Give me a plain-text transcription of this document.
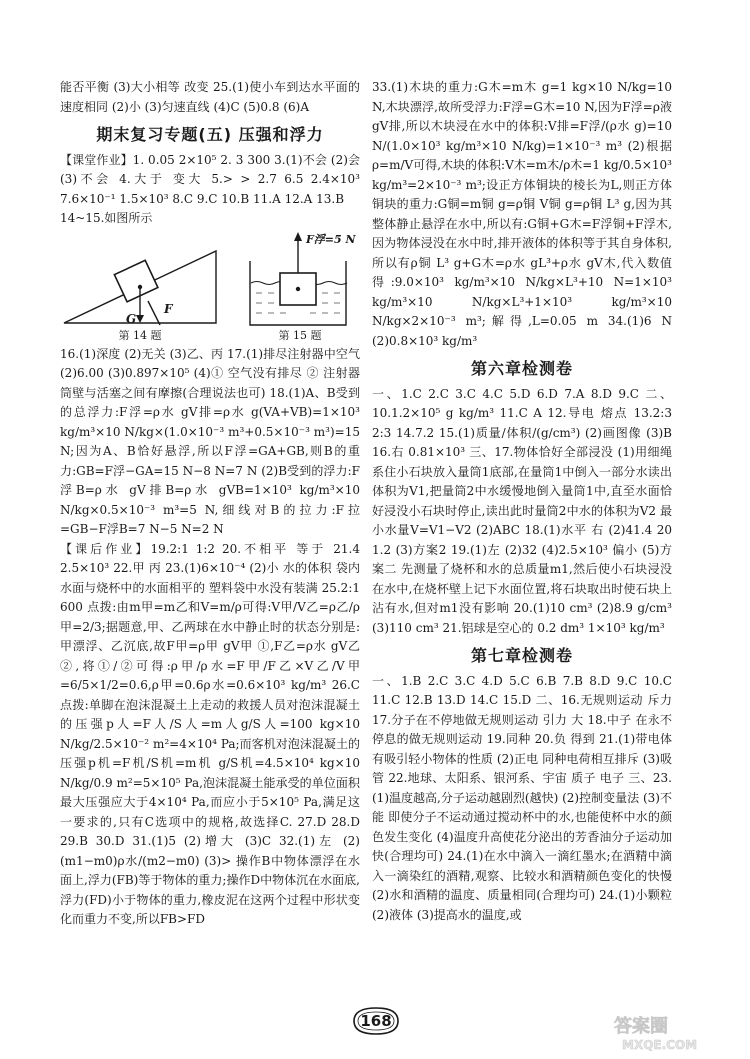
能否平衡 (3)大小相等 改变 25.(1)使小车到达水平面的速度相同 (2)小 (3)匀速直线 (4)C (5)0.8 (6)A

期末复习专题(五) 压强和浮力

【课堂作业】1. 0.05 2×10⁵ 2. 3 300 3.(1)不会 (2)会 (3)不会 4.大于 变大 5.> > 2.7 6.5 2.4×10³ 7.6×10⁻¹ 1.5×10³ 8.C 9.C 10.B 11.A 12.A 13.B

14~15.如图所示

G
F
第 14 题
F浮=5 N
第 15 题

16.(1)深度 (2)无关 (3)乙、丙 17.(1)排尽注射器中空气 (2)6.00 (3)0.897×10⁵ (4)① 空气没有排尽 ② 注射器筒壁与活塞之间有摩擦(合理说法也可) 18.(1)A、B受到的总浮力:F浮=ρ水 gV排=ρ水 g(VA+VB)=1×10³ kg/m³×10 N/kg×(1.0×10⁻³ m³+0.5×10⁻³ m³)=15 N;因为A、B恰好悬浮,所以F浮=GA+GB,则B的重力:GB=F浮−GA=15 N−8 N=7 N (2)B受到的浮力:F浮B=ρ水 gV排B=ρ水 gVB=1×10³ kg/m³×10 N/kg×0.5×10⁻³ m³=5 N,细线对B的拉力:F拉=GB−F浮B=7 N−5 N=2 N

【课后作业】19.2:1 1:2 20.不相平 等于 21.4 2.5×10³ 22.甲 丙 23.(1)6×10⁻⁴ (2)小 水的体积 袋内水面与烧杯中的水面相平的 塑料袋中水没有装满 25.2:1 600 点拨:由m甲=m乙和V=m/ρ可得:V甲/V乙=ρ乙/ρ甲=2/3;据题意,甲、乙两球在水中静止时的状态分别是:甲漂浮、乙沉底,故F甲=ρ甲 gV甲 ①,F乙=ρ水 gV乙 ②,将①/②可得:ρ甲/ρ水=F甲/F乙×V乙/V甲=6/5×1/2=0.6,ρ甲=0.6ρ水=0.6×10³ kg/m³ 26.C 点拨:单脚在泡沫混凝土上走动的救援人员对泡沫混凝土的压强p人=F人/S人=m人g/S人=100 kg×10 N/kg/2.5×10⁻² m²=4×10⁴ Pa;而客机对泡沫混凝土的压强p机=F机/S机=m机 g/S机=4.5×10⁴ kg×10 N/kg/0.9 m²=5×10⁵ Pa,泡沫混凝土能承受的单位面积最大压强应大于4×10⁴ Pa,而应小于5×10⁵ Pa,满足这一要求的,只有C选项中的规格,故选择C. 27.D 28.D 29.B 30.D 31.(1)5 (2)增大 (3)C 32.(1)左 (2)(m1−m0)ρ水/(m2−m0) (3)> 操作B中物体漂浮在水面上,浮力(FB)等于物体的重力;操作D中物体沉在水面底,浮力(FD)小于物体的重力,橡皮泥在这两个过程中形状变化而重力不变,所以FB>FD

33.(1)木块的重力:G木=m木 g=1 kg×10 N/kg=10 N,木块漂浮,故所受浮力:F浮=G木=10 N,因为F浮=ρ液gV排,所以木块浸在水中的体积:V排=F浮/(ρ水 g)=10 N/(1.0×10³ kg/m³×10 N/kg)=1×10⁻³ m³ (2)根据ρ=m/V可得,木块的体积:V木=m木/ρ木=1 kg/0.5×10³ kg/m³=2×10⁻³ m³;设正方体铜块的棱长为L,则正方体铜块的重力:G铜=m铜 g=ρ铜 V铜 g=ρ铜 L³ g,因为其整体静止悬浮在水中,所以有:G铜+G木=F浮铜+F浮木,因为物体浸没在水中时,排开液体的体积等于其自身体积,所以有ρ铜 L³ g+G木=ρ水 gL³+ρ水 gV木,代入数值得:9.0×10³ kg/m³×10 N/kg×L³+10 N=1×10³ kg/m³×10 N/kg×L³+1×10³ kg/m³×10 N/kg×2×10⁻³ m³;解得,L=0.05 m 34.(1)6 N (2)0.8×10³ kg/m³

第六章检测卷

一、1.C 2.C 3.C 4.C 5.D 6.D 7.A 8.D 9.C 二、10.1.2×10⁵ g kg/m³ 11.C A 12.导电 熔点 13.2:3 2:3 14.7.2 15.(1)质量/体积/(g/cm³) (2)画图像 (3)B 16.右 0.81×10³ 三、17.物体恰好全部浸没 (1)用细绳系住小石块放入量筒1底部,在量筒1中倒入一部分水读出体积为V1,把量筒2中水缓慢地倒入量筒1中,直至水面恰好浸没小石块时停止,读出此时量筒2中水的体积为V2 最小水量V=V1−V2 (2)ABC 18.(1)水平 右 (2)41.4 20 1.2 (3)方案2 19.(1)左 (2)32 (4)2.5×10³ 偏小 (5)方案二 先测量了烧杯和水的总质量m1,然后使小石块浸没在水中,在烧杯壁上记下水面位置,将石块取出时使石块上沾有水,但对m1没有影响 20.(1)10 cm³ (2)8.9 g/cm³ (3)110 cm³ 21.铝球是空心的 0.2 dm³ 1×10³ kg/m³

第七章检测卷

一、1.B 2.C 3.C 4.D 5.C 6.B 7.B 8.D 9.C 10.C 11.C 12.B 13.D 14.C 15.D 二、16.无规则运动 斥力 17.分子在不停地做无规则运动 引力 大 18.中子 在永不停息的做无规则运动 19.同种 20.负 得到 21.(1)带电体有吸引轻小物体的性质 (2)正电 同种电荷相互排斥 (3)吸管 22.地球、太阳系、银河系、宇宙 质子 电子 三、23.(1)温度越高,分子运动越剧烈(越快) (2)控制变量法 (3)不能 即使分子不运动通过搅动杯中的水,也能使杯中水的颜色发生变化 (4)温度升高使花分泌出的芳香油分子运动加快(合理均可) 24.(1)在水中滴入一滴红墨水;在酒精中滴入一滴染红的酒精,观察、比较水和酒精颜色变化的快慢 (2)水和酒精的温度、质量相同(合理均可) 24.(1)小颗粒 (2)液体 (3)提高水的温度,或

168	答案圈
MXQE.COM
